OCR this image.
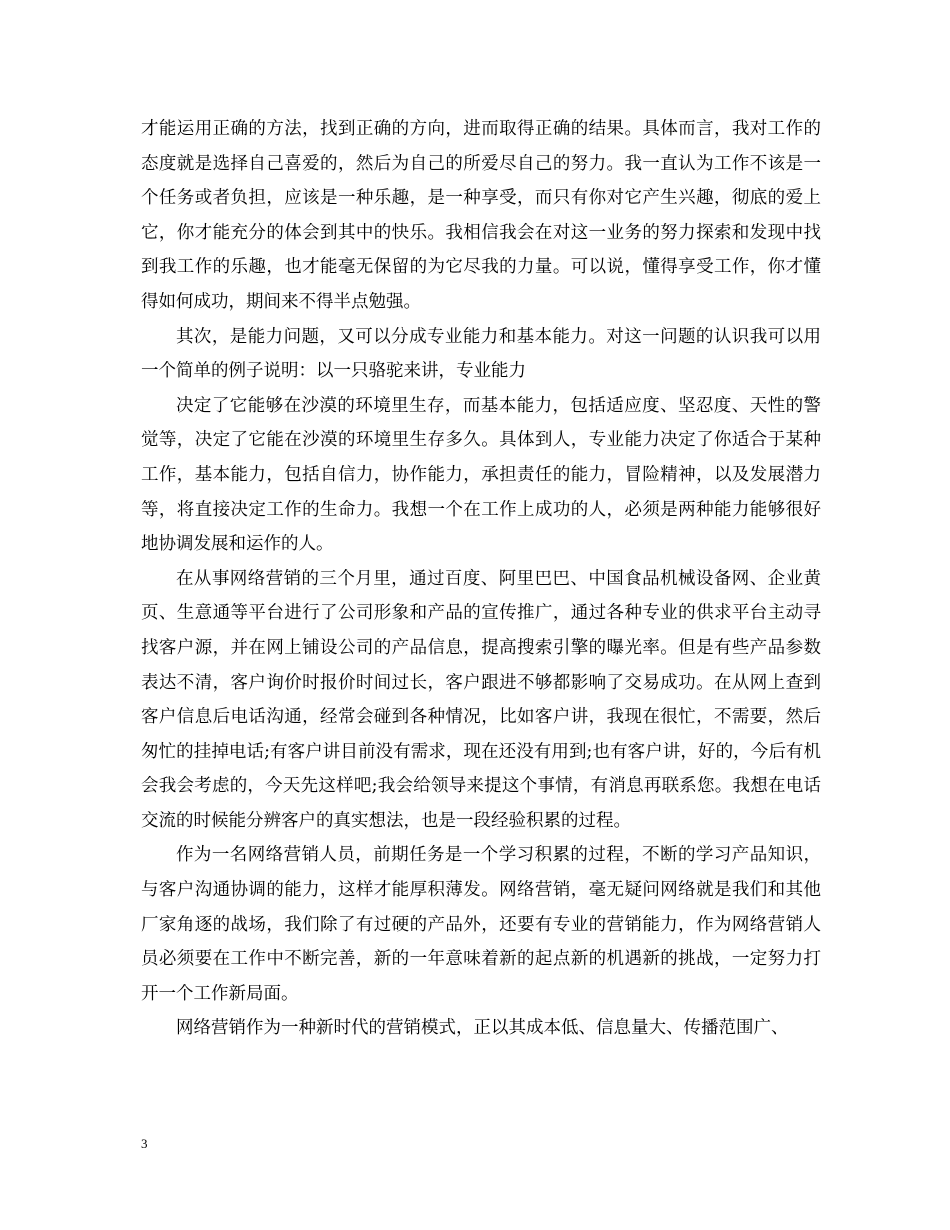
才能运用正确的方法，找到正确的方向，进而取得正确的结果。具体而言，我对工作的态度就是选择自己喜爱的，然后为自己的所爱尽自己的努力。我一直认为工作不该是一个任务或者负担，应该是一种乐趣，是一种享受，而只有你对它产生兴趣，彻底的爱上它，你才能充分的体会到其中的快乐。我相信我会在对这一业务的努力探索和发现中找到我工作的乐趣，也才能毫无保留的为它尽我的力量。可以说，懂得享受工作，你才懂得如何成功，期间来不得半点勉强。

其次，是能力问题，又可以分成专业能力和基本能力。对这一问题的认识我可以用一个简单的例子说明：以一只骆驼来讲，专业能力

决定了它能够在沙漠的环境里生存，而基本能力，包括适应度、坚忍度、天性的警觉等，决定了它能在沙漠的环境里生存多久。具体到人，专业能力决定了你适合于某种工作，基本能力，包括自信力，协作能力，承担责任的能力，冒险精神，以及发展潜力等，将直接决定工作的生命力。我想一个在工作上成功的人，必须是两种能力能够很好地协调发展和运作的人。

在从事网络营销的三个月里，通过百度、阿里巴巴、中国食品机械设备网、企业黄页、生意通等平台进行了公司形象和产品的宣传推广，通过各种专业的供求平台主动寻找客户源，并在网上铺设公司的产品信息，提高搜索引擎的曝光率。但是有些产品参数表达不清，客户询价时报价时间过长，客户跟进不够都影响了交易成功。在从网上查到客户信息后电话沟通，经常会碰到各种情况，比如客户讲，我现在很忙，不需要，然后匆忙的挂掉电话;有客户讲目前没有需求，现在还没有用到;也有客户讲，好的，今后有机会我会考虑的，今天先这样吧;我会给领导来提这个事情，有消息再联系您。我想在电话交流的时候能分辨客户的真实想法，也是一段经验积累的过程。

作为一名网络营销人员，前期任务是一个学习积累的过程，不断的学习产品知识，与客户沟通协调的能力，这样才能厚积薄发。网络营销，毫无疑问网络就是我们和其他厂家角逐的战场，我们除了有过硬的产品外，还要有专业的营销能力，作为网络营销人员必须要在工作中不断完善，新的一年意味着新的起点新的机遇新的挑战，一定努力打开一个工作新局面。

网络营销作为一种新时代的营销模式，正以其成本低、信息量大、传播范围广、

3
